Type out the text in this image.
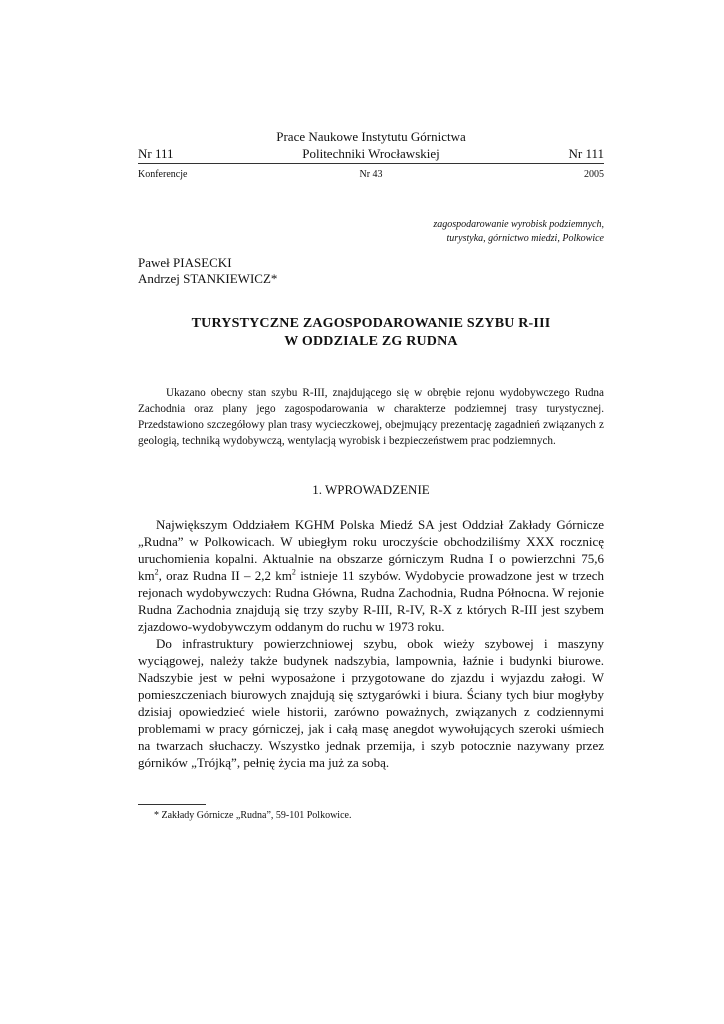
Prace Naukowe Instytutu Górnictwa
Nr 111	Politechniki Wrocławskiej	Nr 111
Konferencje	Nr 43	2005
zagospodarowanie wyrobisk podziemnych,
turystyka, górnictwo miedzi, Polkowice
Paweł PIASECKI
Andrzej STANKIEWICZ*
TURYSTYCZNE ZAGOSPODAROWANIE SZYBU R-III
W ODDZIALE ZG RUDNA

Ukazano obecny stan szybu R-III, znajdującego się w obrębie rejonu wydobywczego Rudna Zachodnia oraz plany jego zagospodarowania w charakterze podziemnej trasy turystycznej. Przedstawiono szczegółowy plan trasy wycieczkowej, obejmujący prezentację zagadnień związanych z geologią, techniką wydobywczą, wentylacją wyrobisk i bezpieczeństwem prac podziemnych.

1. WPROWADZENIE

Największym Oddziałem KGHM Polska Miedź SA jest Oddział Zakłady Górnicze „Rudna” w Polkowicach. W ubiegłym roku uroczyście obchodziliśmy XXX rocznicę uruchomienia kopalni. Aktualnie na obszarze górniczym Rudna I o powierzchni 75,6 $km^2$, oraz Rudna II – 2,2 $km^2$ istnieje 11 szybów. Wydobycie prowadzone jest w trzech rejonach wydobywczych: Rudna Główna, Rudna Zachodnia, Rudna Północna. W rejonie Rudna Zachodnia znajdują się trzy szyby R-III, R-IV, R-X z których R-III jest szybem zjazdowo-wydobywczym oddanym do ruchu w 1973 roku.

Do infrastruktury powierzchniowej szybu, obok wieży szybowej i maszyny wyciągowej, należy także budynek nadszybia, lampownia, łaźnie i budynki biurowe. Nadszybie jest w pełni wyposażone i przygotowane do zjazdu i wyjazdu załogi. W pomieszczeniach biurowych znajdują się sztygarówki i biura. Ściany tych biur mogłyby dzisiaj opowiedzieć wiele historii, zarówno poważnych, związanych z codziennymi problemami w pracy górniczej, jak i całą masę anegdot wywołujących szeroki uśmiech na twarzach słuchaczy. Wszystko jednak przemija, i szyb potocznie nazywany przez górników „Trójką”, pełnię życia ma już za sobą.

* Zakłady Górnicze „Rudna”, 59-101 Polkowice.
